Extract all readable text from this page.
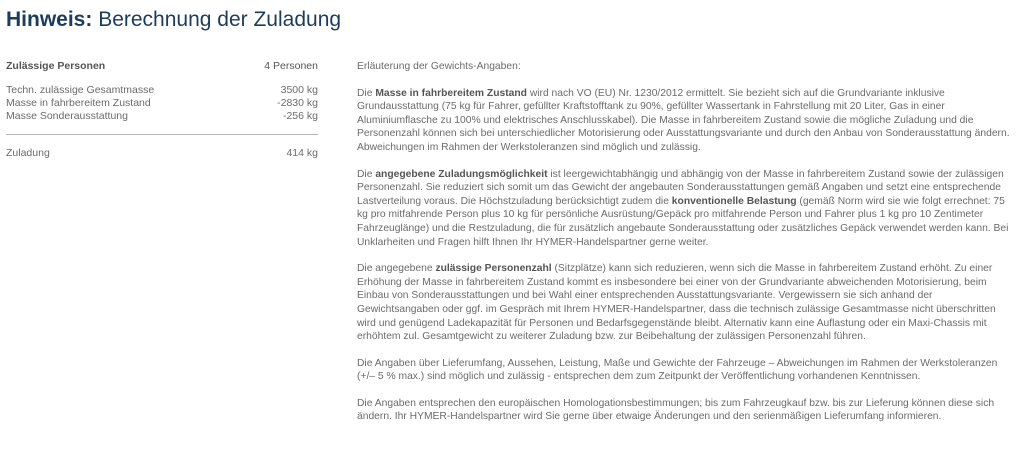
Hinweis: Berechnung der Zuladung
Zulässige Personen	4 Personen
Techn. zulässige Gesamtmasse	3500 kg
Masse in fahrbereitem Zustand	-2830 kg
Masse Sonderausstattung	-256 kg
Zuladung	414 kg

Erläuterung der Gewichts-Angaben:

Die Masse in fahrbereitem Zustand wird nach VO (EU) Nr. 1230/2012 ermittelt. Sie bezieht sich auf die Grundvariante inklusive Grundausstattung (75 kg für Fahrer, gefüllter Kraftstofftank zu 90%, gefüllter Wassertank in Fahrstellung mit 20 Liter, Gas in einer Aluminiumflasche zu 100% und elektrisches Anschlusskabel). Die Masse in fahrbereitem Zustand sowie die mögliche Zuladung und die Personenzahl können sich bei unterschiedlicher Motorisierung oder Ausstattungsvariante und durch den Anbau von Sonderausstattung ändern. Abweichungen im Rahmen der Werkstoleranzen sind möglich und zulässig.

Die angegebene Zuladungsmöglichkeit ist leergewichtabhängig und abhängig von der Masse in fahrbereitem Zustand sowie der zulässigen Personenzahl. Sie reduziert sich somit um das Gewicht der angebauten Sonderausstattungen gemäß Angaben und setzt eine entsprechende Lastverteilung voraus. Die Höchstzuladung berücksichtigt zudem die konventionelle Belastung (gemäß Norm wird sie wie folgt errechnet: 75 kg pro mitfahrende Person plus 10 kg für persönliche Ausrüstung/Gepäck pro mitfahrende Person und Fahrer plus 1 kg pro 10 Zentimeter Fahrzeuglänge) und die Restzuladung, die für zusätzlich angebaute Sonderausstattung oder zusätzliches Gepäck verwendet werden kann. Bei Unklarheiten und Fragen hilft Ihnen Ihr HYMER-Handelspartner gerne weiter.

Die angegebene zulässige Personenzahl (Sitzplätze) kann sich reduzieren, wenn sich die Masse in fahrbereitem Zustand erhöht. Zu einer Erhöhung der Masse in fahrbereitem Zustand kommt es insbesondere bei einer von der Grundvariante abweichenden Motorisierung, beim Einbau von Sonderausstattungen und bei Wahl einer entsprechenden Ausstattungsvariante. Vergewissern sie sich anhand der Gewichtsangaben oder ggf. im Gespräch mit Ihrem HYMER-Handelspartner, dass die technisch zulässige Gesamtmasse nicht überschritten wird und genügend Ladekapazität für Personen und Bedarfsgegenstände bleibt. Alternativ kann eine Auflastung oder ein Maxi-Chassis mit erhöhtem zul. Gesamtgewicht zu weiterer Zuladung bzw. zur Beibehaltung der zulässigen Personenzahl führen.

Die Angaben über Lieferumfang, Aussehen, Leistung, Maße und Gewichte der Fahrzeuge – Abweichungen im Rahmen der Werkstoleranzen (+/– 5 % max.) sind möglich und zulässig - entsprechen dem zum Zeitpunkt der Veröffentlichung vorhandenen Kenntnissen.

Die Angaben entsprechen den europäischen Homologationsbestimmungen; bis zum Fahrzeugkauf bzw. bis zur Lieferung können diese sich ändern. Ihr HYMER-Handelspartner wird Sie gerne über etwaige Änderungen und den serienmäßigen Lieferumfang informieren.
